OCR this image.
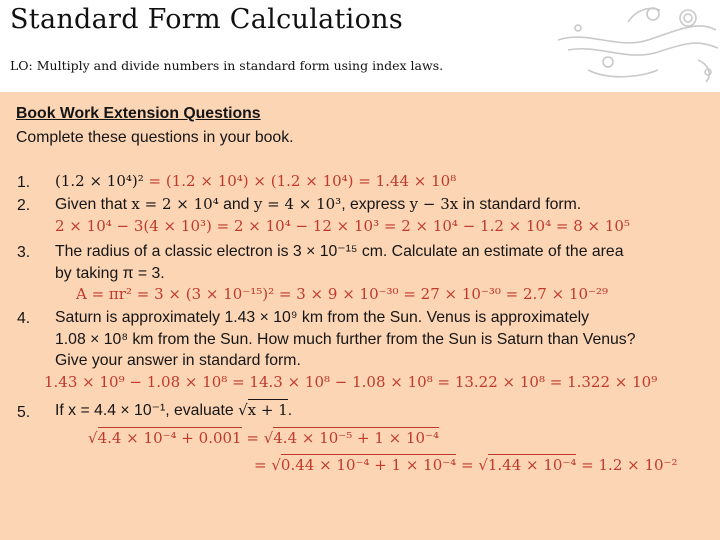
Standard Form Calculations
LO: Multiply and divide numbers in standard form using index laws.
Book Work Extension Questions
Complete these questions in your book.
1. (1.2 × 10⁴)² = (1.2 × 10⁴) × (1.2 × 10⁴) = 1.44 × 10⁸
2. Given that x = 2 × 10⁴ and y = 4 × 10³, express y − 3x in standard form.
2 × 10⁴ − 3(4 × 10³) = 2 × 10⁴ − 12 × 10³ = 2 × 10⁴ − 1.2 × 10⁴ = 8 × 10⁵
3. The radius of a classic electron is 3 × 10⁻¹⁵ cm. Calculate an estimate of the area
by taking π = 3.
A = πr² = 3 × (3 × 10⁻¹⁵)² = 3 × 9 × 10⁻³⁰ = 27 × 10⁻³⁰ = 2.7 × 10⁻²⁹
4. Saturn is approximately 1.43 × 10⁹ km from the Sun. Venus is approximately
1.08 × 10⁸ km from the Sun. How much further from the Sun is Saturn than Venus?
Give your answer in standard form.
1.43 × 10⁹ − 1.08 × 10⁸ = 14.3 × 10⁸ − 1.08 × 10⁸ = 13.22 × 10⁸ = 1.322 × 10⁹
5. If x = 4.4 × 10⁻¹, evaluate √x + 1.
√4.4 × 10⁻⁴ + 0.001 = √4.4 × 10⁻⁵ + 1 × 10⁻⁴
= √0.44 × 10⁻⁴ + 1 × 10⁻⁴ = √1.44 × 10⁻⁴ = 1.2 × 10⁻²
